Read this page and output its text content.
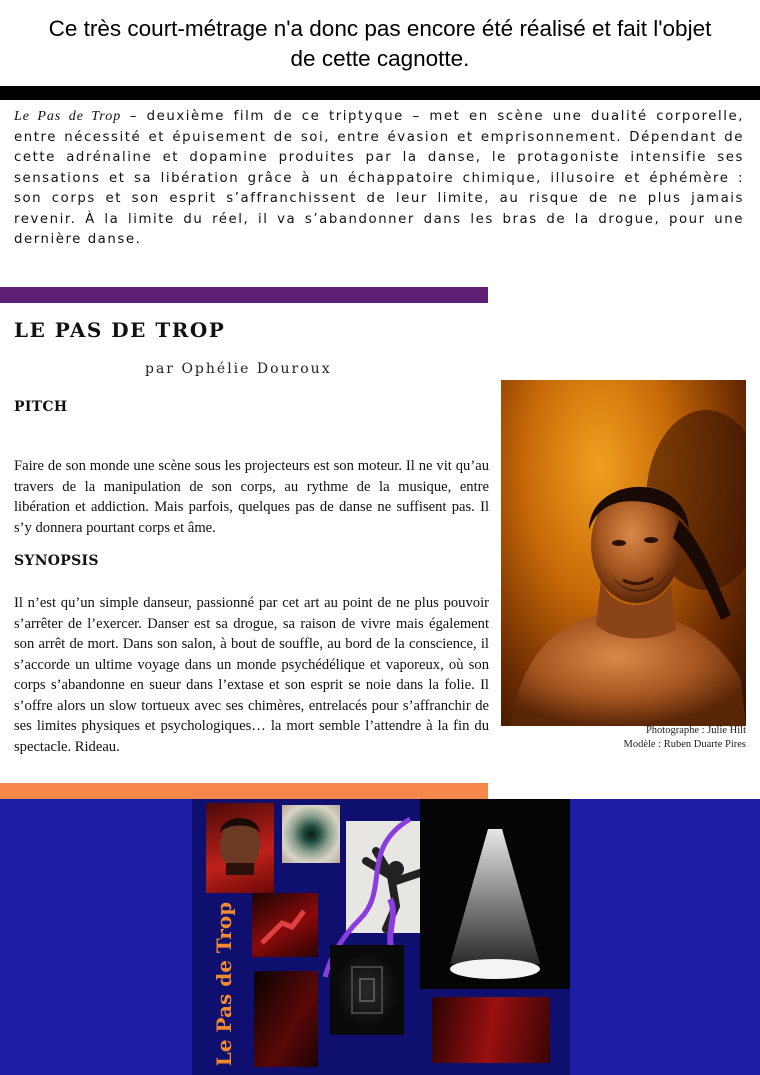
Ce très court-métrage n'a donc pas encore été réalisé et fait l'objet
de cette cagnotte.
Le Pas de Trop – deuxième film de ce triptyque – met en scène une dualité corporelle, entre nécessité et épuisement de soi, entre évasion et emprisonnement. Dépendant de cette adrénaline et dopamine produites par la danse, le protagoniste intensifie ses sensations et sa libération grâce à un échappatoire chimique, illusoire et éphémère : son corps et son esprit s’affranchissent de leur limite, au risque de ne plus jamais revenir. À la limite du réel, il va s’abandonner dans les bras de la drogue, pour une dernière danse.
LE PAS DE TROP
par Ophélie Douroux
PITCH
Faire de son monde une scène sous les projecteurs est son moteur. Il ne vit qu’au travers de la manipulation de son corps, au rythme de la musique, entre libération et addiction. Mais parfois, quelques pas de danse ne suffisent pas. Il s’y donnera pourtant corps et âme.
SYNOPSIS
Il n’est qu’un simple danseur, passionné par cet art au point de ne plus pouvoir s’arrêter de l’exercer. Danser est sa drogue, sa raison de vivre mais également son arrêt de mort. Dans son salon, à bout de souffle, au bord de la conscience, il s’accorde un ultime voyage dans un monde psychédélique et vaporeux, où son corps s’abandonne en sueur dans l’extase et son esprit se noie dans la folie. Il s’offre alors un slow tortueux avec ses chimères, entrelacés pour s’affranchir de ses limites physiques et psychologiques… la mort semble l’attendre à la fin du spectacle. Rideau.
Photographe : Julie Hilt
Modèle : Ruben Duarte Pires
Le Pas de Trop
